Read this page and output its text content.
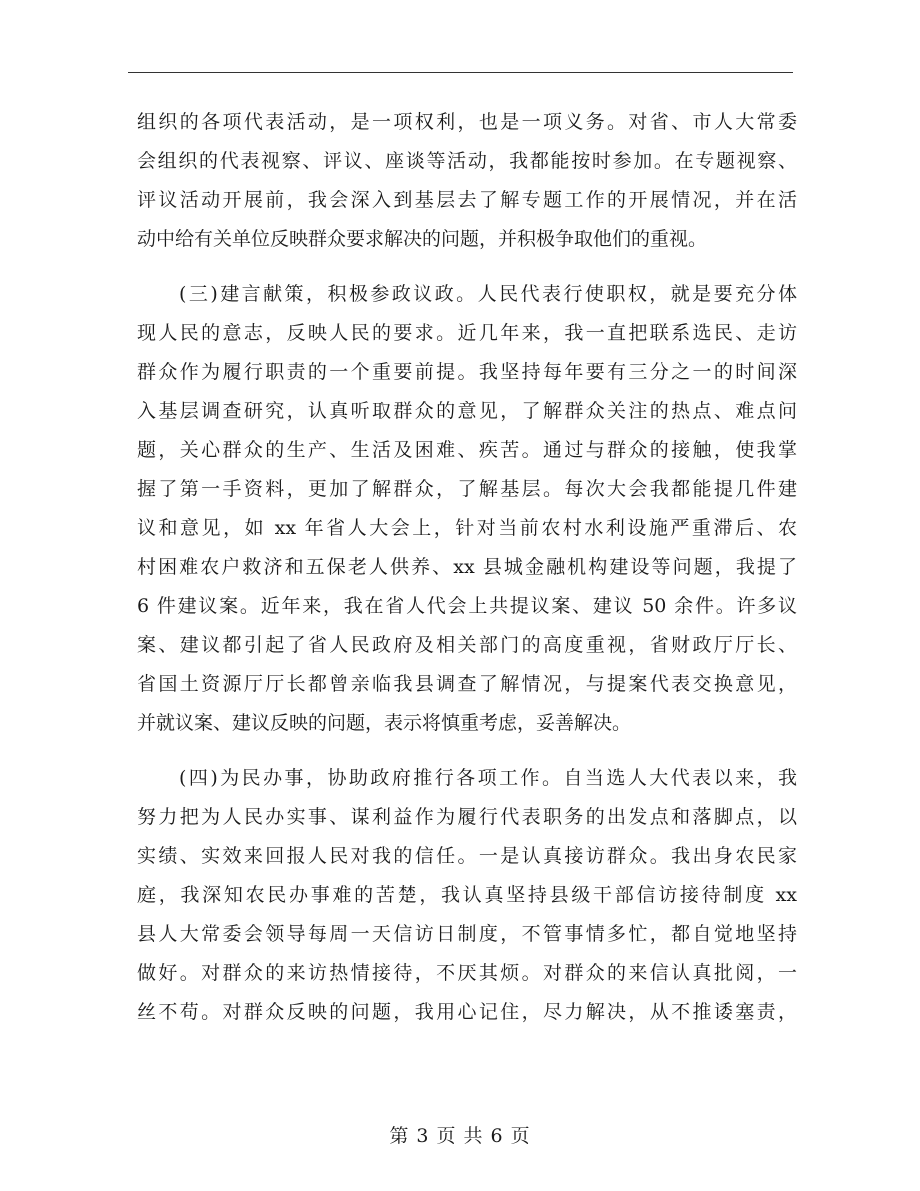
组织的各项代表活动，是一项权利，也是一项义务。对省、市人大常委
会组织的代表视察、评议、座谈等活动，我都能按时参加。在专题视察、
评议活动开展前，我会深入到基层去了解专题工作的开展情况，并在活
动中给有关单位反映群众要求解决的问题，并积极争取他们的重视。
(三)建言献策，积极参政议政。人民代表行使职权，就是要充分体
现人民的意志，反映人民的要求。近几年来，我一直把联系选民、走访
群众作为履行职责的一个重要前提。我坚持每年要有三分之一的时间深
入基层调查研究，认真听取群众的意见，了解群众关注的热点、难点问
题，关心群众的生产、生活及困难、疾苦。通过与群众的接触，使我掌
握了第一手资料，更加了解群众，了解基层。每次大会我都能提几件建
议和意见，如 xx 年省人大会上，针对当前农村水利设施严重滞后、农
村困难农户救济和五保老人供养、xx 县城金融机构建设等问题，我提了
6 件建议案。近年来，我在省人代会上共提议案、建议 50 余件。许多议
案、建议都引起了省人民政府及相关部门的高度重视，省财政厅厅长、
省国土资源厅厅长都曾亲临我县调查了解情况，与提案代表交换意见，
并就议案、建议反映的问题，表示将慎重考虑，妥善解决。
(四)为民办事，协助政府推行各项工作。自当选人大代表以来，我
努力把为人民办实事、谋利益作为履行代表职务的出发点和落脚点，以
实绩、实效来回报人民对我的信任。一是认真接访群众。我出身农民家
庭，我深知农民办事难的苦楚，我认真坚持县级干部信访接待制度 xx
县人大常委会领导每周一天信访日制度，不管事情多忙，都自觉地坚持
做好。对群众的来访热情接待，不厌其烦。对群众的来信认真批阅，一
丝不苟。对群众反映的问题，我用心记住，尽力解决，从不推诿塞责，
第 3 页 共 6 页
